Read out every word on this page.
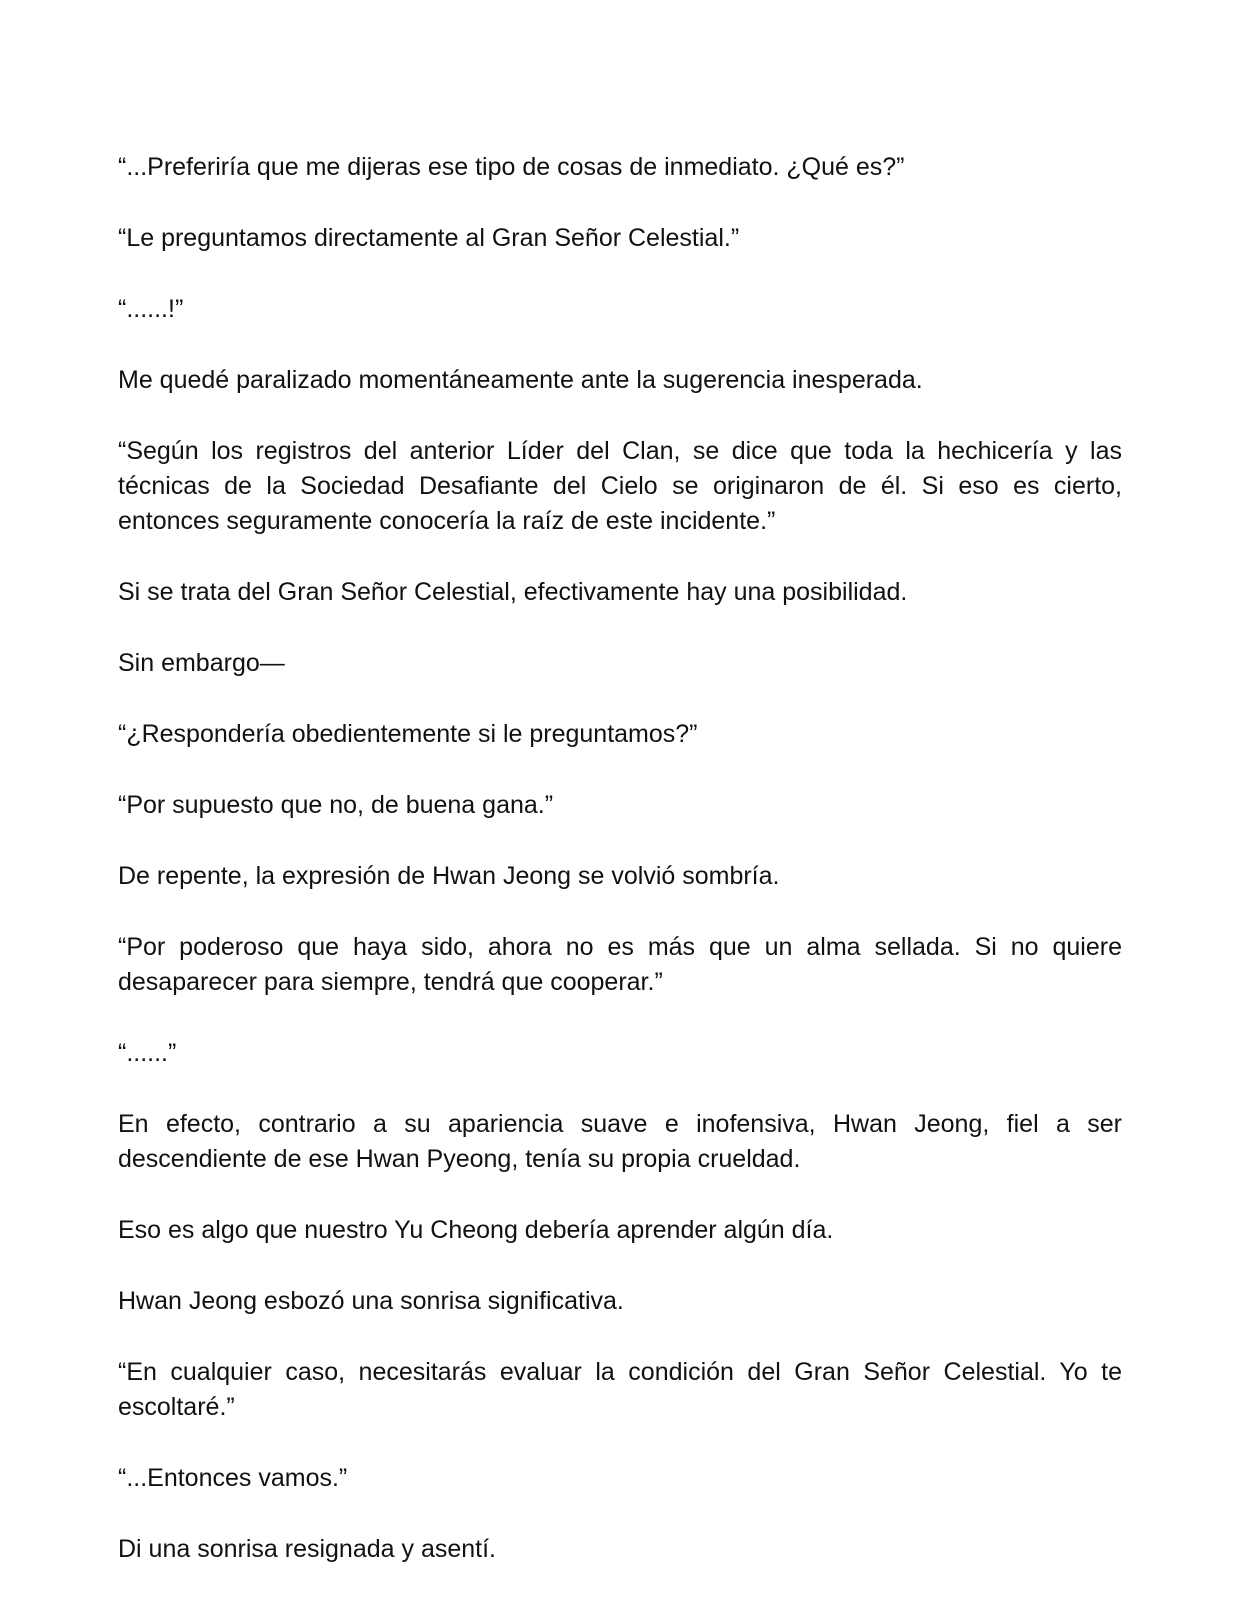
“...Preferiría que me dijeras ese tipo de cosas de inmediato. ¿Qué es?”

“Le preguntamos directamente al Gran Señor Celestial.”

“......!”

Me quedé paralizado momentáneamente ante la sugerencia inesperada.

“Según los registros del anterior Líder del Clan, se dice que toda la hechicería y las técnicas de la Sociedad Desafiante del Cielo se originaron de él. Si eso es cierto, entonces seguramente conocería la raíz de este incidente.”

Si se trata del Gran Señor Celestial, efectivamente hay una posibilidad.

Sin embargo—

“¿Respondería obedientemente si le preguntamos?”

“Por supuesto que no, de buena gana.”

De repente, la expresión de Hwan Jeong se volvió sombría.

“Por poderoso que haya sido, ahora no es más que un alma sellada. Si no quiere desaparecer para siempre, tendrá que cooperar.”

“......”

En efecto, contrario a su apariencia suave e inofensiva, Hwan Jeong, fiel a ser descendiente de ese Hwan Pyeong, tenía su propia crueldad.

Eso es algo que nuestro Yu Cheong debería aprender algún día.

Hwan Jeong esbozó una sonrisa significativa.

“En cualquier caso, necesitarás evaluar la condición del Gran Señor Celestial. Yo te escoltaré.”

“...Entonces vamos.”

Di una sonrisa resignada y asentí.
